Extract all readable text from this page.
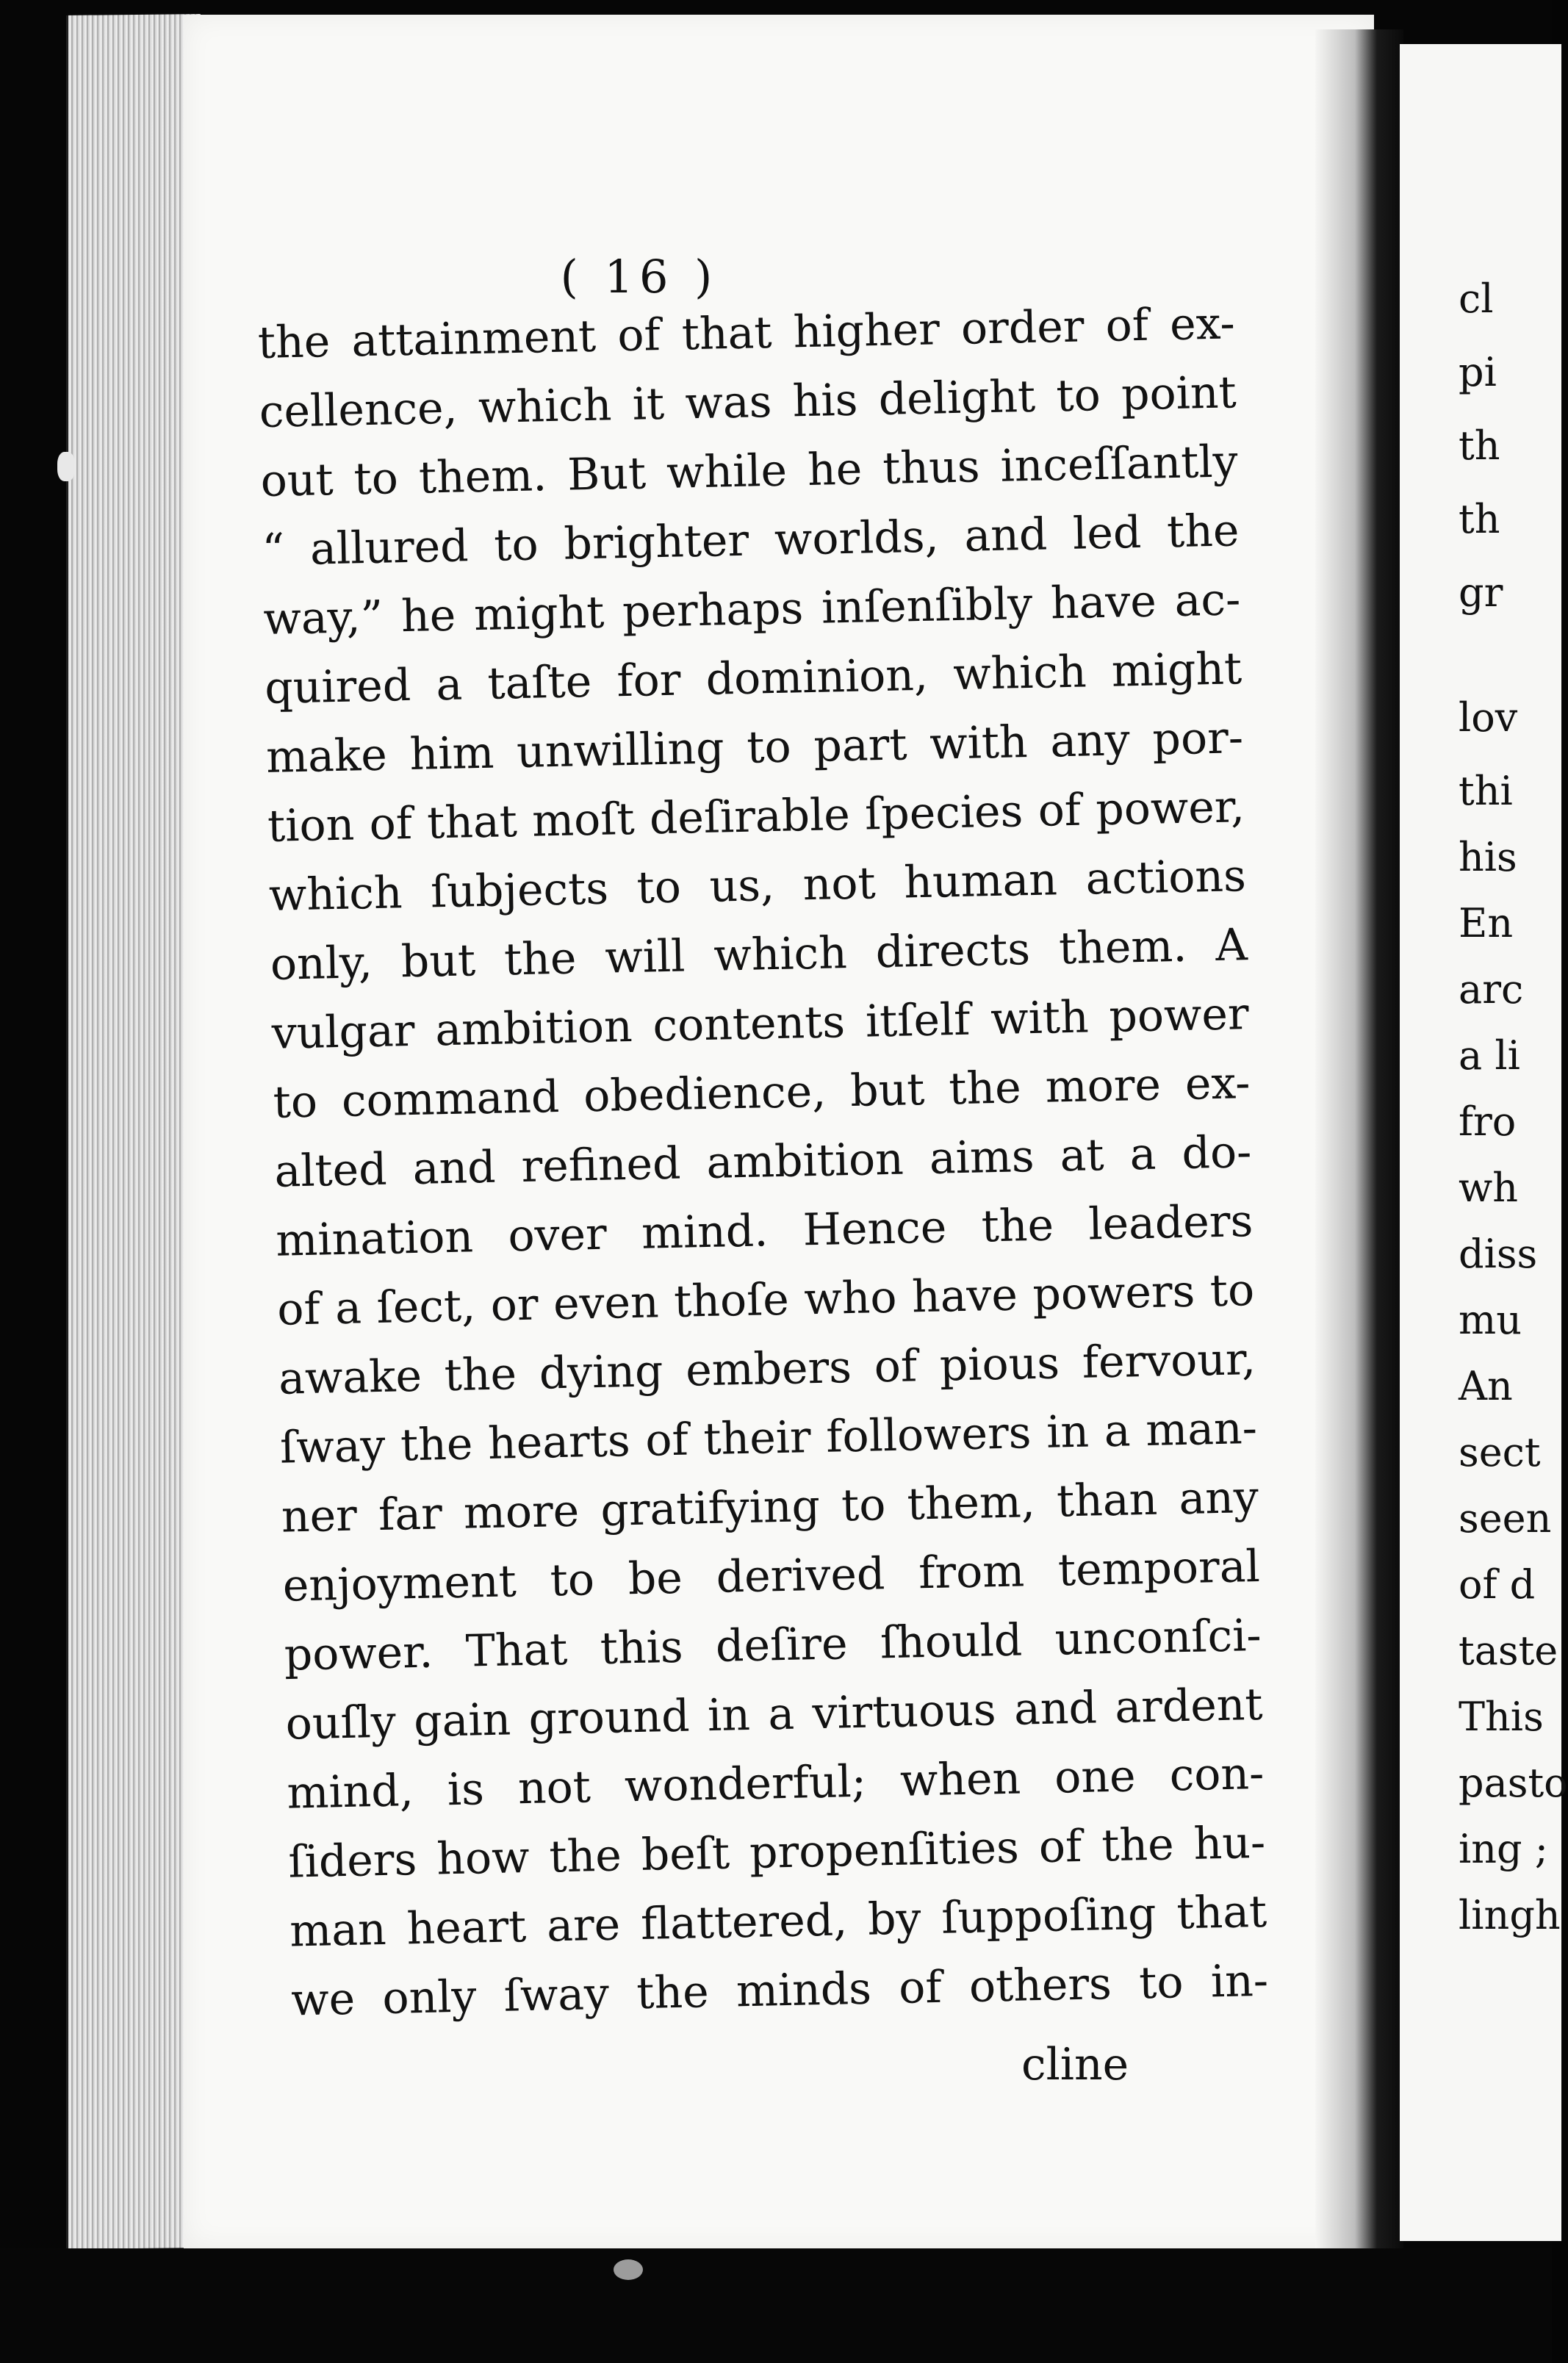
( 16 )
the attainment of that higher order of ex-
cellence, which it was his delight to point
out to them. But while he thus inceſſantly
“ allured to brighter worlds, and led the
way,” he might perhaps inſenſibly have ac-
quired a taſte for dominion, which might
make him unwilling to part with any por-
tion of that moſt deſirable ſpecies of power,
which ſubjects to us, not human actions
only, but the will which directs them. A
vulgar ambition contents itſelf with power
to command obedience, but the more ex-
alted and refined ambition aims at a do-
mination over mind. Hence the leaders
of a ſect, or even thoſe who have powers to
awake the dying embers of pious fervour,
ſway the hearts of their followers in a man-
ner far more gratifying to them, than any
enjoyment to be derived from temporal
power. That this deſire ſhould unconſci-
ouſly gain ground in a virtuous and ardent
mind, is not wonderful; when one con-
ſiders how the beſt propenſities of the hu-
man heart are flattered, by ſuppoſing that
we only ſway the minds of others to in-
cline
cl
pi
th
th
gr
lov
thi
his
En
arc
a li
fro
wh
diss
mu
An
sect
seen
of d
taste
This
pasto
ing ;
lingh
